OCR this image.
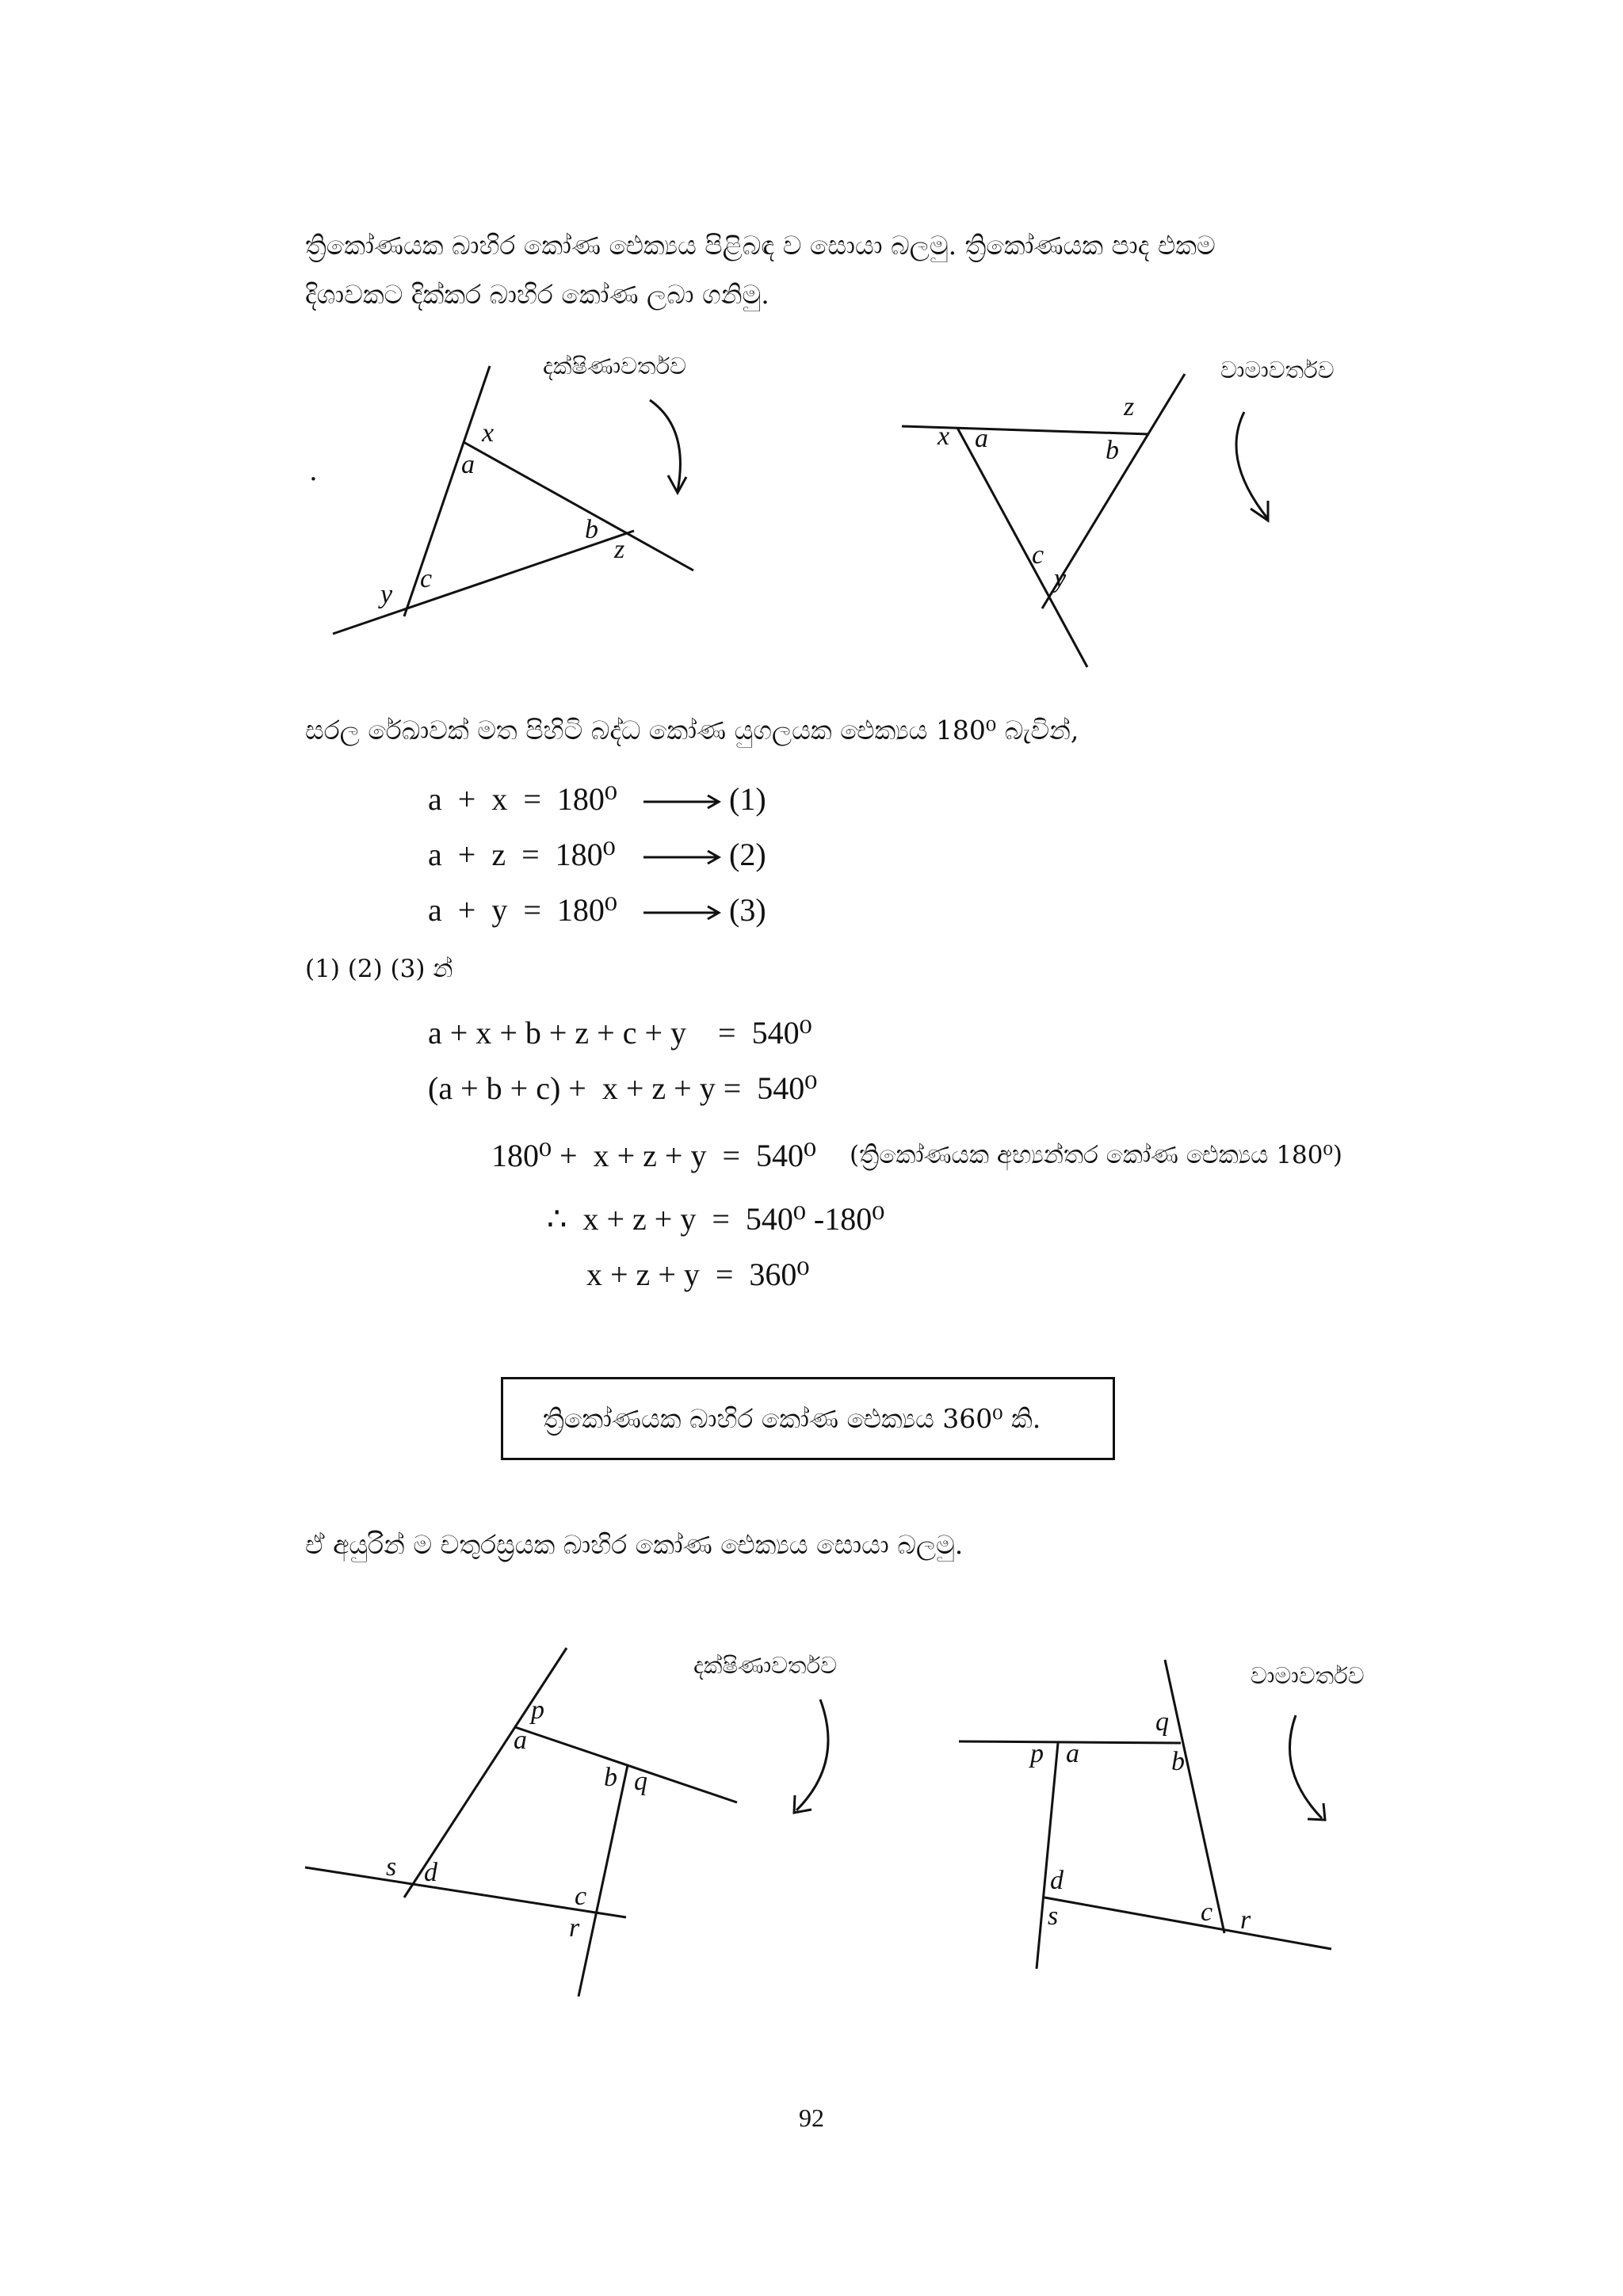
ත්‍රිකෝණයක බාහිර කෝණ ඓක්‍යය පිළිබඳ ව සොයා බලමු. ත්‍රිකෝණයක පාද එකම
දිශාවකට දික්කර බාහිර කෝණ ලබා ගනිමු.
දක්ෂිණාවර්තව	වාමාවර්තව
.
x
a
b
z
y
c
x a
z
b
c
y
සරල රේඛාවක් මත පිහිටි බද්ධ කෝණ යුගලයක ඓක්‍යය 180⁰ බැවින්,
a  +  x  =  180⁰	(1)
a  +  z  =  180⁰	(2)
a  +  y  =  180⁰	(3)
(1) (2) (3) න්
a + x + b + z + c + y    =  540⁰
(a + b + c) +  x + z + y =  540⁰
180⁰ +  x + z + y  =  540⁰ (ත්‍රිකෝණයක අභ්‍යන්තර කෝණ ඓක්‍යය 180⁰)
∴  x + z + y  =  540⁰ -180⁰
x + z + y  =  360⁰
ත්‍රිකෝණයක බාහිර කෝණ ඓක්‍යය 360⁰ කි.
ඒ අයුරින් ම චතුරස්‍රයක බාහිර කෝණ ඓක්‍යය සොයා බලමු.
දක්ෂිණාවර්තව	වාමාවර්තව
p
a
b q
s d
c
r
q
p a	b
d
s	c r
92
